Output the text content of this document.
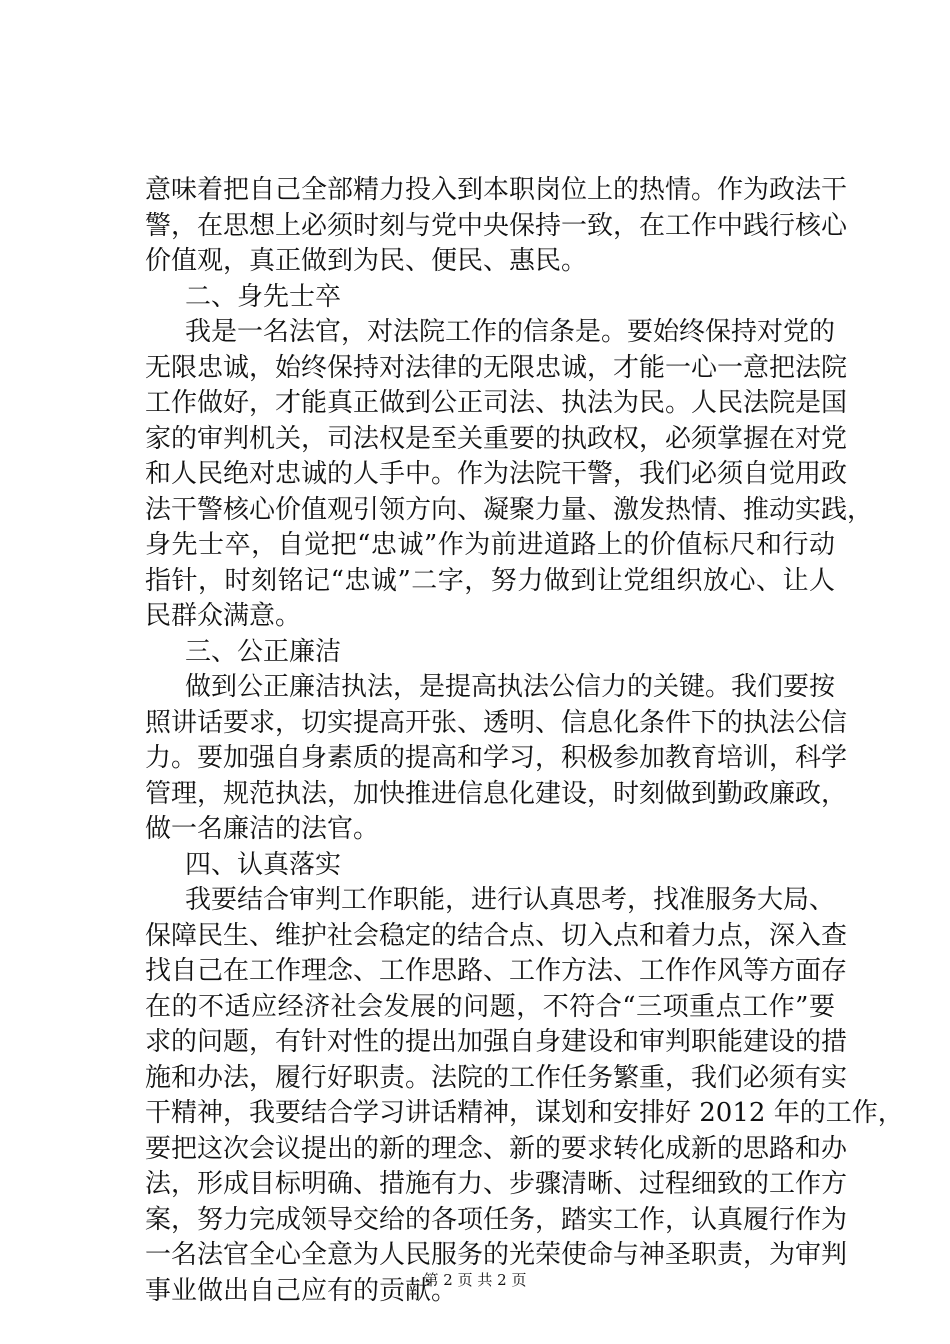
意味着把自己全部精力投入到本职岗位上的热情。作为政法干
警，在思想上必须时刻与党中央保持一致，在工作中践行核心
价值观，真正做到为民、便民、惠民。
二、身先士卒
我是一名法官，对法院工作的信条是。要始终保持对党的
无限忠诚，始终保持对法律的无限忠诚，才能一心一意把法院
工作做好，才能真正做到公正司法、执法为民。人民法院是国
家的审判机关，司法权是至关重要的执政权，必须掌握在对党
和人民绝对忠诚的人手中。作为法院干警，我们必须自觉用政
法干警核心价值观引领方向、凝聚力量、激发热情、推动实践，
身先士卒，自觉把“忠诚”作为前进道路上的价值标尺和行动
指针，时刻铭记“忠诚”二字，努力做到让党组织放心、让人
民群众满意。
三、公正廉洁
做到公正廉洁执法，是提高执法公信力的关键。我们要按
照讲话要求，切实提高开张、透明、信息化条件下的执法公信
力。要加强自身素质的提高和学习，积极参加教育培训，科学
管理，规范执法，加快推进信息化建设，时刻做到勤政廉政，
做一名廉洁的法官。
四、认真落实
我要结合审判工作职能，进行认真思考，找准服务大局、
保障民生、维护社会稳定的结合点、切入点和着力点，深入查
找自己在工作理念、工作思路、工作方法、工作作风等方面存
在的不适应经济社会发展的问题，不符合“三项重点工作”要
求的问题，有针对性的提出加强自身建设和审判职能建设的措
施和办法，履行好职责。法院的工作任务繁重，我们必须有实
干精神，我要结合学习讲话精神，谋划和安排好 2012 年的工作，
要把这次会议提出的新的理念、新的要求转化成新的思路和办
法，形成目标明确、措施有力、步骤清晰、过程细致的工作方
案，努力完成领导交给的各项任务，踏实工作，认真履行作为
一名法官全心全意为人民服务的光荣使命与神圣职责，为审判
事业做出自己应有的贡献。
第 2 页 共 2 页
